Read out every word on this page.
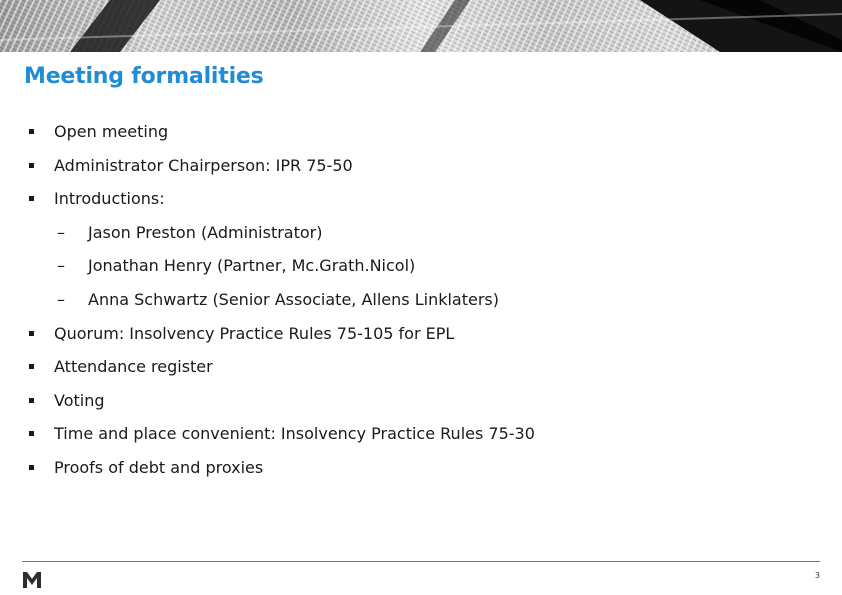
Meeting formalities
Open meeting
Administrator Chairperson: IPR 75-50
Introductions:
– Jason Preston (Administrator)
– Jonathan Henry (Partner, Mc.Grath.Nicol)
– Anna Schwartz (Senior Associate, Allens Linklaters)
Quorum: Insolvency Practice Rules 75-105 for EPL
Attendance register
Voting
Time and place convenient: Insolvency Practice Rules 75-30
Proofs of debt and proxies
3
